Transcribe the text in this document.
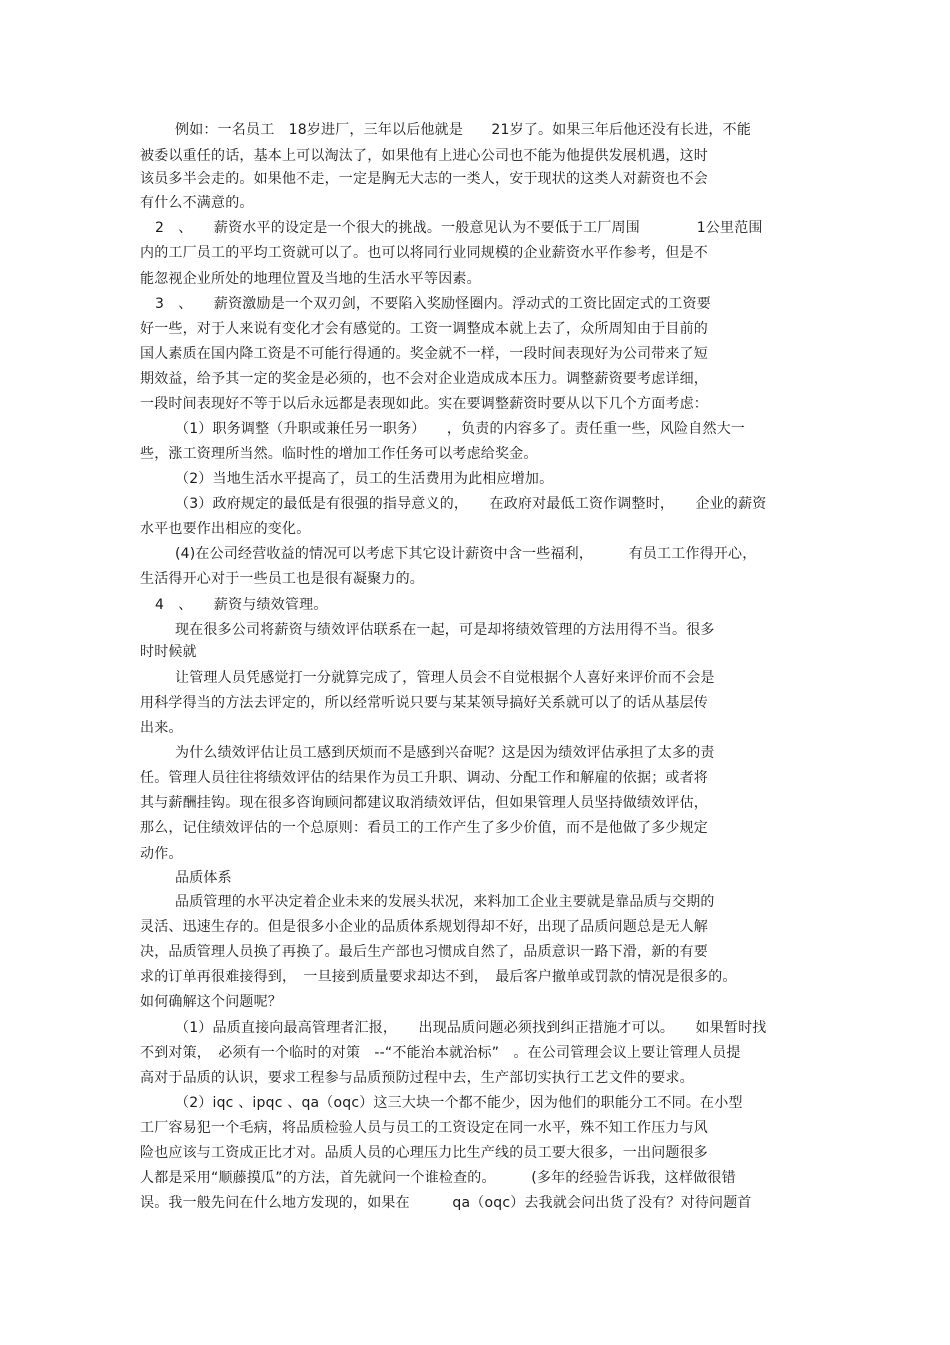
例如：一名员工　18岁进厂，三年以后他就是　　21岁了。如果三年后他还没有长进，不能
被委以重任的话，基本上可以淘汰了，如果他有上进心公司也不能为他提供发展机遇，这时
该员多半会走的。如果他不走，一定是胸无大志的一类人，安于现状的这类人对薪资也不会
有什么不满意的。
2　、　　薪资水平的设定是一个很大的挑战。一般意见认为不要低于工厂周围　　　　1公里范围
内的工厂员工的平均工资就可以了。也可以将同行业同规模的企业薪资水平作参考，但是不
能忽视企业所处的地理位置及当地的生活水平等因素。
3　、　　薪资激励是一个双刃剑，不要陷入奖励怪圈内。浮动式的工资比固定式的工资要
好一些，对于人来说有变化才会有感觉的。工资一调整成本就上去了，众所周知由于目前的
国人素质在国内降工资是不可能行得通的。奖金就不一样，一段时间表现好为公司带来了短
期效益，给予其一定的奖金是必须的，也不会对企业造成成本压力。调整薪资要考虑详细，
一段时间表现好不等于以后永远都是表现如此。实在要调整薪资时要从以下几个方面考虑：
（1）职务调整（升职或兼任另一职务）　　，负责的内容多了。责任重一些，风险自然大一
些，涨工资理所当然。临时性的增加工作任务可以考虑给奖金。
（2）当地生活水平提高了，员工的生活费用为此相应增加。
（3）政府规定的最低是有很强的指导意义的，　　在政府对最低工资作调整时，　　企业的薪资
水平也要作出相应的变化。
(4)在公司经营收益的情况可以考虑下其它设计薪资中含一些福利，　　　有员工工作得开心，
生活得开心对于一些员工也是很有凝聚力的。
4　、　　薪资与绩效管理。
现在很多公司将薪资与绩效评估联系在一起，可是却将绩效管理的方法用得不当。很多
时时候就
让管理人员凭感觉打一分就算完成了，管理人员会不自觉根据个人喜好来评价而不会是
用科学得当的方法去评定的，所以经常听说只要与某某领导搞好关系就可以了的话从基层传
出来。
为什么绩效评估让员工感到厌烦而不是感到兴奋呢？这是因为绩效评估承担了太多的责
任。管理人员往往将绩效评估的结果作为员工升职、调动、分配工作和解雇的依据；或者将
其与薪酬挂钩。现在很多咨询顾问都建议取消绩效评估，但如果管理人员坚持做绩效评估，
那么，记住绩效评估的一个总原则：看员工的工作产生了多少价值，而不是他做了多少规定
动作。
品质体系
品质管理的水平决定着企业未来的发展头状况，来料加工企业主要就是靠品质与交期的
灵活、迅速生存的。但是很多小企业的品质体系规划得却不好，出现了品质问题总是无人解
决，品质管理人员换了再换了。最后生产部也习惯成自然了，品质意识一路下滑，新的有要
求的订单再很难接得到，　一旦接到质量要求却达不到，　最后客户撤单或罚款的情况是很多的。
如何确解这个问题呢？
（1）品质直接向最高管理者汇报，　　出现品质问题必须找到纠正措施才可以。　　如果暂时找
不到对策，　必须有一个临时的对策　--“不能治本就治标”　。在公司管理会议上要让管理人员提
高对于品质的认识，要求工程参与品质预防过程中去，生产部切实执行工艺文件的要求。
（2）iqc 、ipqc 、qa（oqc）这三大块一个都不能少，因为他们的职能分工不同。在小型
工厂容易犯一个毛病，将品质检验人员与员工的工资设定在同一水平，殊不知工作压力与风
险也应该与工资成正比才对。品质人员的心理压力比生产线的员工要大很多，一出问题很多
人都是采用“顺藤摸瓜”的方法，首先就问一个谁检查的。　　　(多年的经验告诉我，这样做很错
误。我一般先问在什么地方发现的，如果在　　　qa（oqc）去我就会问出货了没有？对待问题首
